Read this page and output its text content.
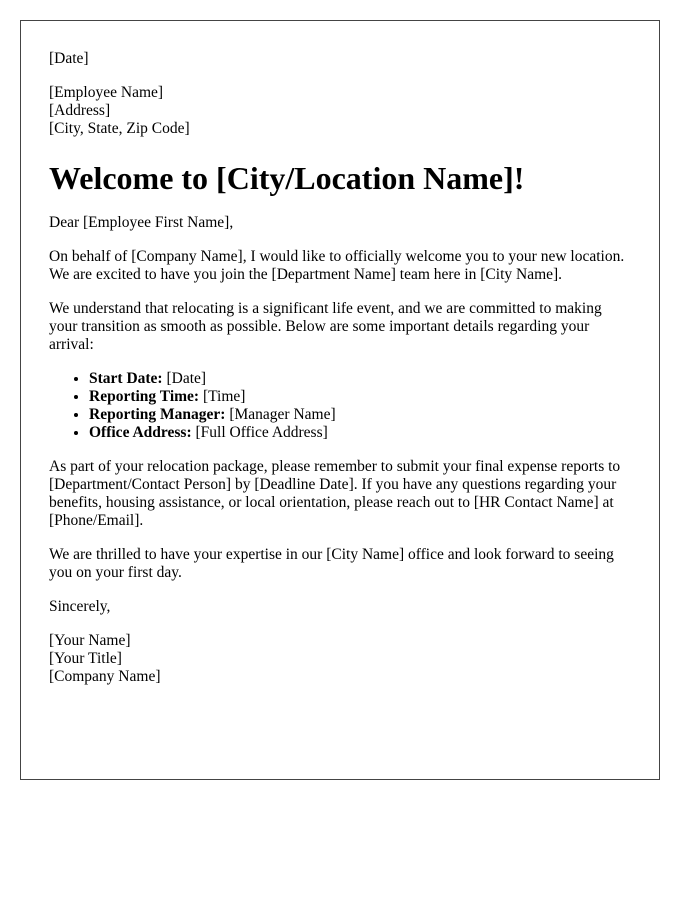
[Date]
[Employee Name]
[Address]
[City, State, Zip Code]
Welcome to [City/Location Name]!

Dear [Employee First Name],

On behalf of [Company Name], I would like to officially welcome you to your new location. We are excited to have you join the [Department Name] team here in [City Name].

We understand that relocating is a significant life event, and we are committed to making your transition as smooth as possible. Below are some important details regarding your arrival:

• Start Date: [Date]
• Reporting Time: [Time]
• Reporting Manager: [Manager Name]
• Office Address: [Full Office Address]

As part of your relocation package, please remember to submit your final expense reports to [Department/Contact Person] by [Deadline Date]. If you have any questions regarding your benefits, housing assistance, or local orientation, please reach out to [HR Contact Name] at [Phone/Email].

We are thrilled to have your expertise in our [City Name] office and look forward to seeing you on your first day.

Sincerely,

[Your Name]
[Your Title]
[Company Name]
